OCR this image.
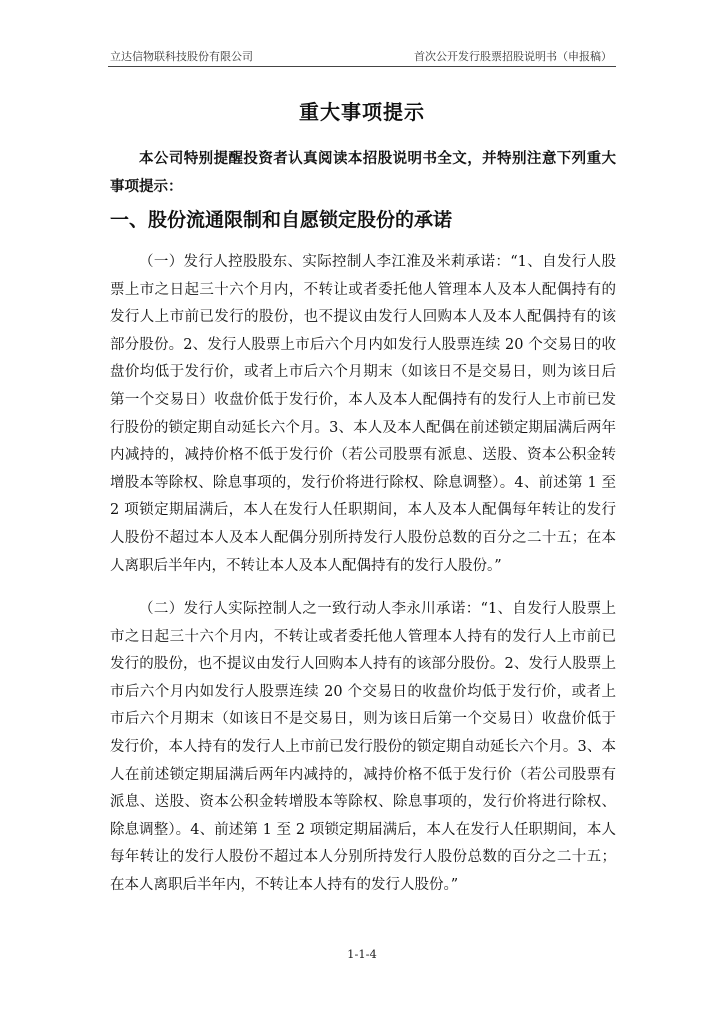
立达信物联科技股份有限公司	首次公开发行股票招股说明书（申报稿）
重大事项提示

本公司特别提醒投资者认真阅读本招股说明书全文，并特别注意下列重大事项提示：

一、股份流通限制和自愿锁定股份的承诺

（一）发行人控股股东、实际控制人李江淮及米莉承诺：“1、自发行人股票上市之日起三十六个月内，不转让或者委托他人管理本人及本人配偶持有的发行人上市前已发行的股份，也不提议由发行人回购本人及本人配偶持有的该部分股份。2、发行人股票上市后六个月内如发行人股票连续 20 个交易日的收盘价均低于发行价，或者上市后六个月期末（如该日不是交易日，则为该日后第一个交易日）收盘价低于发行价，本人及本人配偶持有的发行人上市前已发行股份的锁定期自动延长六个月。3、本人及本人配偶在前述锁定期届满后两年内减持的，减持价格不低于发行价（若公司股票有派息、送股、资本公积金转增股本等除权、除息事项的，发行价将进行除权、除息调整）。4、前述第 1 至 2 项锁定期届满后，本人在发行人任职期间，本人及本人配偶每年转让的发行人股份不超过本人及本人配偶分别所持发行人股份总数的百分之二十五；在本人离职后半年内，不转让本人及本人配偶持有的发行人股份。”

（二）发行人实际控制人之一致行动人李永川承诺：“1、自发行人股票上市之日起三十六个月内，不转让或者委托他人管理本人持有的发行人上市前已发行的股份，也不提议由发行人回购本人持有的该部分股份。2、发行人股票上市后六个月内如发行人股票连续 20 个交易日的收盘价均低于发行价，或者上市后六个月期末（如该日不是交易日，则为该日后第一个交易日）收盘价低于发行价，本人持有的发行人上市前已发行股份的锁定期自动延长六个月。3、本人在前述锁定期届满后两年内减持的，减持价格不低于发行价（若公司股票有派息、送股、资本公积金转增股本等除权、除息事项的，发行价将进行除权、除息调整）。4、前述第 1 至 2 项锁定期届满后，本人在发行人任职期间，本人每年转让的发行人股份不超过本人分别所持发行人股份总数的百分之二十五；在本人离职后半年内，不转让本人持有的发行人股份。”

1-1-4
